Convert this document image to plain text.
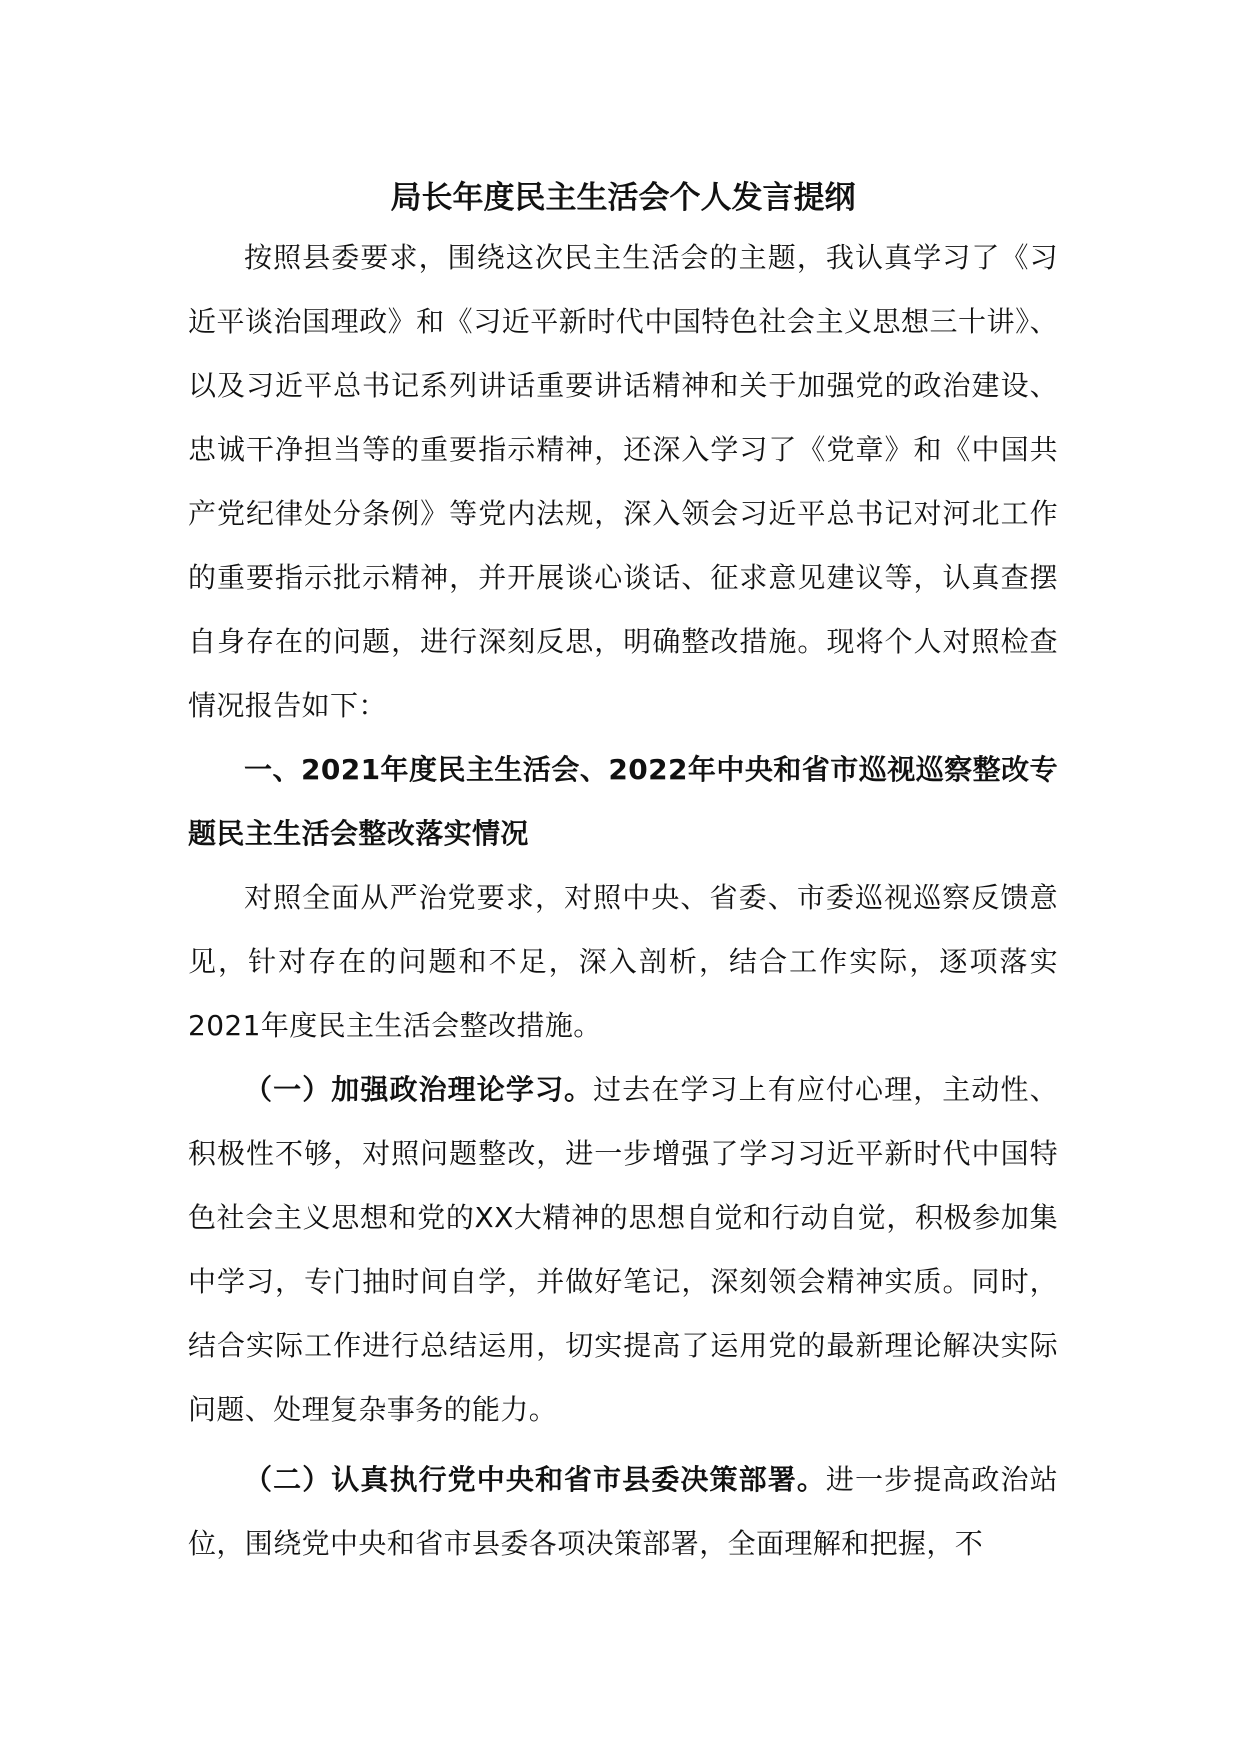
局长年度民主生活会个人发言提纲

按照县委要求，围绕这次民主生活会的主题，我认真学习了《习近平谈治国理政》和《习近平新时代中国特色社会主义思想三十讲》、以及习近平总书记系列讲话重要讲话精神和关于加强党的政治建设、忠诚干净担当等的重要指示精神，还深入学习了《党章》和《中国共产党纪律处分条例》等党内法规，深入领会习近平总书记对河北工作的重要指示批示精神，并开展谈心谈话、征求意见建议等，认真查摆自身存在的问题，进行深刻反思，明确整改措施。现将个人对照检查情况报告如下：

一、2021年度民主生活会、2022年中央和省市巡视巡察整改专题民主生活会整改落实情况

对照全面从严治党要求，对照中央、省委、市委巡视巡察反馈意见，针对存在的问题和不足，深入剖析，结合工作实际，逐项落实2021年度民主生活会整改措施。

（一）加强政治理论学习。过去在学习上有应付心理，主动性、积极性不够，对照问题整改，进一步增强了学习习近平新时代中国特色社会主义思想和党的XX大精神的思想自觉和行动自觉，积极参加集中学习，专门抽时间自学，并做好笔记，深刻领会精神实质。同时，结合实际工作进行总结运用，切实提高了运用党的最新理论解决实际问题、处理复杂事务的能力。

（二）认真执行党中央和省市县委决策部署。进一步提高政治站位，围绕党中央和省市县委各项决策部署，全面理解和把握，不
